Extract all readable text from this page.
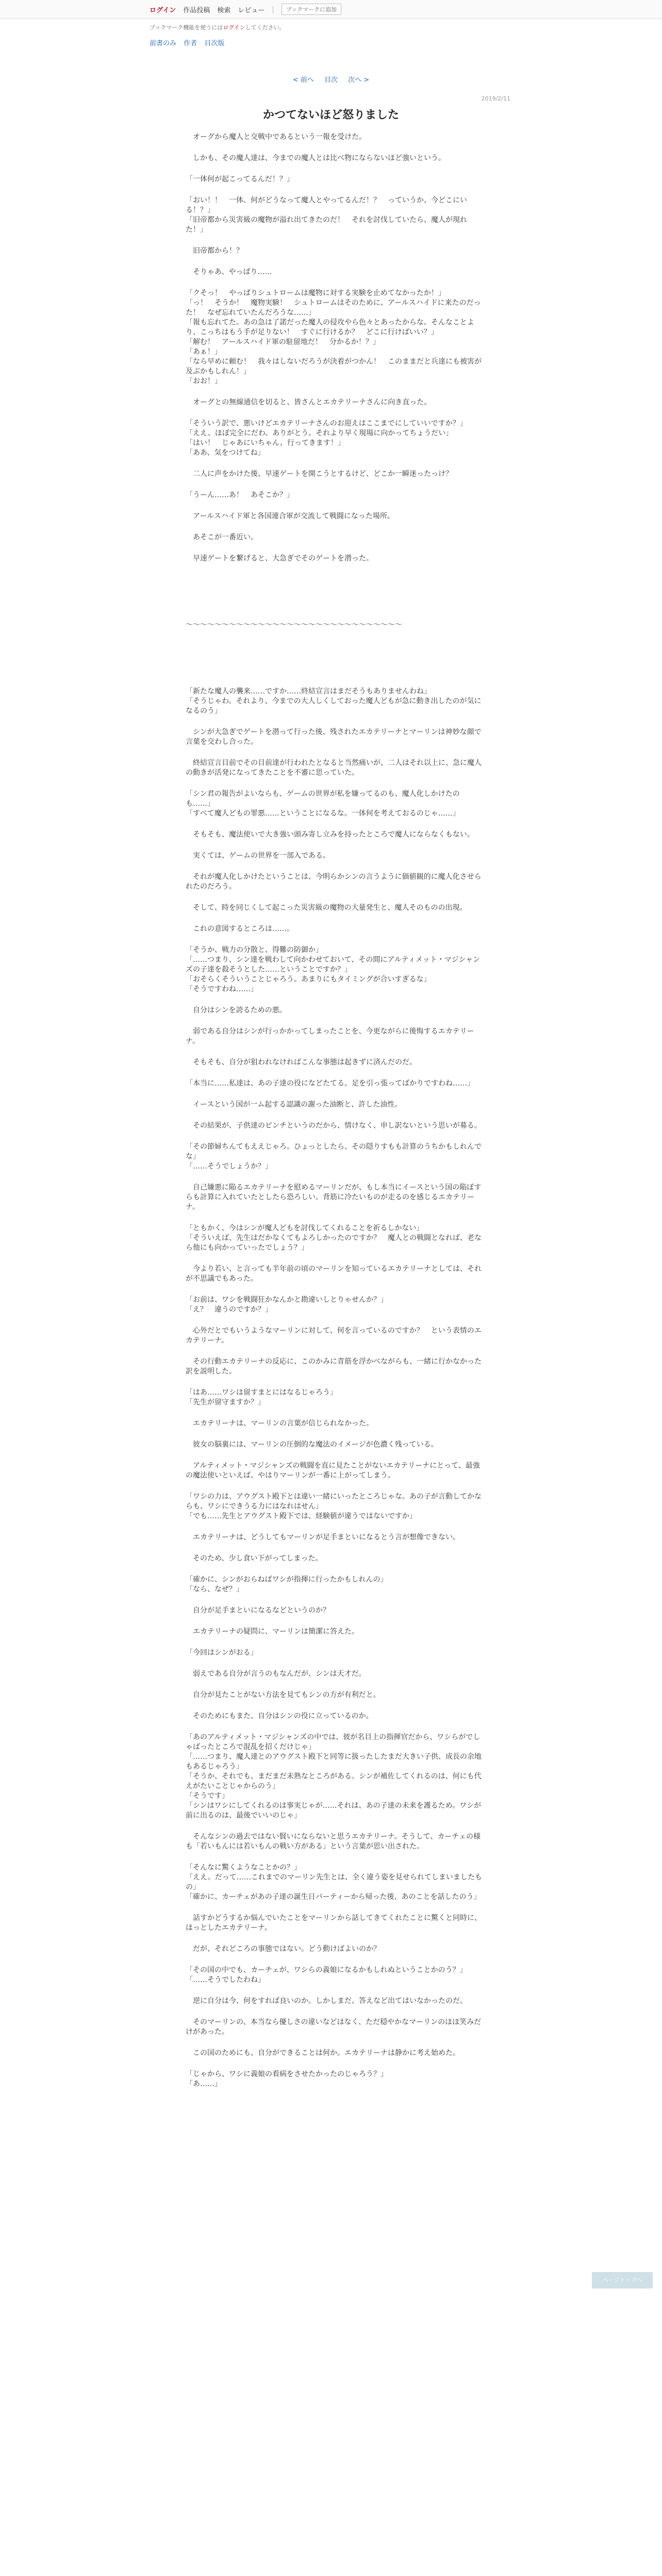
ログイン 作品投稿 検索 レビュー |	ブックマークに追加
ブックマーク機能を使うにはログインしてください。
前書のみ 作者 目次版
< 前へ 目次 次へ >
2019/2/11
かつてないほど怒りました
　オーグから魔人と交戦中であるという一報を受けた。
　しかも、その魔人達は、今までの魔人とは比べ物にならないほど強いという。
「一体何が起こってるんだ！？」
「おい！！　一体、何がどうなって魔人とやってるんだ！？　っていうか、今どこにいる！？」
「旧帝都から災害級の魔物が溢れ出てきたのだ！　それを討伐していたら、魔人が現れた！」
　旧帝都から！？
　そりゃあ、やっぱり……
「クそっ！　やっぱりシュトロームは魔物に対する実験を止めてなかったか！」
「っ！　そうか！　魔物実験！　シュトロームはそのために、アールスハイドに来たのだった！　なぜ忘れていたんだろうな……」
「報も忘れてた。あの急は了諾だった魔人の侵攻やら色々とあったからな。そんなことより、こっちはもう手が足りない！　すぐに行けるか？　どこに行けばいい？」
「解む！　アールスハイド軍の駐留地だ！　分かるか！？」
「あぁ！」
「なら早めに頼む！　我々はしないだろうが決着がつかん！　このままだと兵達にも被害が及ぶかもしれん！」
「おお！」
　オーグとの無線通信を切ると、皆さんとエカテリーナさんに向き直った。
「そういう訳で、悪いけどエカテリーナさんのお迎えはここまでにしていいですか？」
「ええ、ほぼ完全にだわ。ありがとう。それより早く現場に向かってちょうだい」
「はい！　じゃあにいちゃん、行ってきます！」
「ああ、気をつけてね」
　二人に声をかけた後、早速ゲートを開こうとするけど、どこか一瞬迷ったっけ？
「うーん……あ！　あそこか？」
　アールスハイド軍と各国連合軍が交流して戦闘になった場所。
　あそこが一番近い。
　早速ゲートを繋げると、大急ぎでそのゲートを潜った。
〜〜〜〜〜〜〜〜〜〜〜〜〜〜〜〜〜〜〜〜〜〜〜〜〜〜〜〜〜〜
「新たな魔人の襲来……ですか……終結宣言はまだそうもありませんわね」
「そうじゃわ。それより、今までの大人しくしておった魔人どもが急に動き出したのが気になるのう」
　シンが大急ぎでゲートを潜って行った後、残されたエカテリーナとマーリンは神妙な顔で言葉を交わし合った。
　終結宣言目前でその目前達が行われたとなると当然痛いが、二人はそれ以上に、急に魔人の動きが活発になってきたことを不審に思っていた。
「シン君の報告がよいならも、ゲームの世界が私を嫌ってるのも、魔人化しかけたのも……」
「すべて魔人どもの罪悪……ということになるな。一体何を考えておるのじゃ……」
　そもそも、魔法使いで大き強い頭み寄し立みを持ったところで魔人にならなくもない。
　実くては、ゲームの世界を一部入である。
　それが魔人化しかけたということは、今明らかシンの言うように価値観的に魔人化させられたのだろう。
　そして、時を同じくして起こった災害級の魔物の大量発生と、魔人そのものの出現。
　これの意図するところは……。
「そうか、戦力の分散と、得難の防御か」
「……つまり、シン達を戦わして向かわせておいて、その間にアルティメット・マジシャンズの子達を殺そうとした……ということですか？」
「おそらくそういうことじゃろう。あまりにもタイミングが合いすぎるな」
「そうですわね……」
　自分はシンを誇るための悪。
　弱である自分はシンが行っかかってしまったことを、今更ながらに後悔するエカテリーナ。
　そもそも、自分が狙われなければこんな事態は起きずに済んだのだ。
「本当に……私達は、あの子達の役になどたてる、足を引っ張ってばかりですわね……」
　イースという国が一ム起する認識の謝った油断と、許した油性。
　その結果が、子供達のピンチというのだから、情けなく、申し訳ないという思いが募る。
「その節婦ちんてもええじゃろ。ひょっとしたら、その隠りすもも計算のうちかもしれんでな」
「……そうでしょうか？」
　自己嫌悪に陥るエカテリーナを慰めるマーリンだが、もし本当にイースという国の陥ぼすらも計算に入れていたとしたら恐ろしい。背筋に冷たいものが走るのを感じるエカテリーナ。
「ともかく、今はシンが魔人どもを討伐してくれることを祈るしかない」
「そういえば、先生はだかなくてもよろしかったのですか？　魔人との戦闘となれば、老なら他にも向かっていったでしょう？」
　今より若い、と言っても半年前の頃のマーリンを知っているエカテリーナとしては、それが不思議でもあった。
「お前は、ワシを戦闘狂かなんかと勘違いしとりゃせんか？」
「え？　違うのですか？」
　心外だとでもいうようなマーリンに対して、何を言っているのですか？　という表情のエカテリーナ。
　その行動エカテリーナの反応に、このかみに青筋を浮かべながらも、一緒に行かなかった訳を説明した。
「はあ……ワシは留すまとにはなるじゃろう」
「先生が留守ますか？」
　エカテリーナは、マーリンの言葉が信じられなかった。
　彼女の脳裏には、マーリンの圧倒的な魔法のイメージが色濃く残っている。
　アルティメット・マジシャンズの戦闘を直に見たことがないエカテリーナにとって、最強の魔法使いといえば、やはりマーリンが一番に上がってしまう。
「ワシの力は、アウグスト殿下とは違い一緒にいったところじゃな。あの子が言動してかならも、ワシにできうる力にはなれはせん」
「でも……先生とアウグスト殿下では、経験値が違うではないですか」
　エカテリーナは、どうしてもマーリンが足手まといになるとう言が想像できない。
　そのため、少し食い下がってしまった。
「確かに、シンがおらねばワシが指揮に行ったかもしれんの」
「なら、なぜ？」
　自分が足手まといになるなどというのか？
　エカテリーナの疑問に、マーリンは簡潔に答えた。
「今回はシンがおる」
　弱えである自分が言うのもなんだが、シンは天才だ。
　自分が見たことがない方法を見てもシンの方が有利だと。
　そのためにもまた、自分はシンの役に立っているのか。
「あのアルティメット・マジシャンズの中では、彼が名目上の指揮官だから、ワシらがでしゃばったところで混乱を招くだけじゃ」
「……つまり、魔人達とのアウグスト殿下と同等に扱ったしたまだ大きい子供、成長の余地もあるじゃろう」
「そうか、それでも、まだまだ未熟なところがある。シンが補佐してくれるのは、何にも代えがたいことじゃからのう」
「そうです」
「シンはワシにしてくれるのは事実じゃが……それは、あの子達の未来を護るため。ワシが前に出るのは、最後でいいのじゃ」
　そんなシンの過去ではない賢いにならないと思うエカテリーナ。そうして、カーチェの様も「若いもんには若いもんの戦い方がある」という言葉が思い出された。
「そんなに驚くようなことかの？」
「ええ。だって……これまでのマーリン先生とは、全く違う姿を見せられてしまいましたもの」
「確かに、カーチェがあの子達の誕生日パーティーから帰った後、あのことを話したのう」
　話すかどうするか悩んでいたことをマーリンから話してきてくれたことに驚くと同時に、ほっとしたエカテリーナ。
　だが、それどころの事態ではない。どう動けばよいのか？
「その国の中でも、カーチェが、ワシらの義娘になるかもしれぬということかのう？」
「……そうでしたわね」
　逆に自分は今、何をすれば良いのか。しかしまだ、答えなど出てはいなかったのだ。
　そのマーリンの、本当なら優しさの違いなどはなく、ただ穏やかなマーリンのほほ笑みだけがあった。
　この国のためにも、自分ができることは何か。エカテリーナは静かに考え始めた。
「じゃから、ワシに義娘の看病をさせたかったのじゃろう？」
「あ……」
ページトップへ
